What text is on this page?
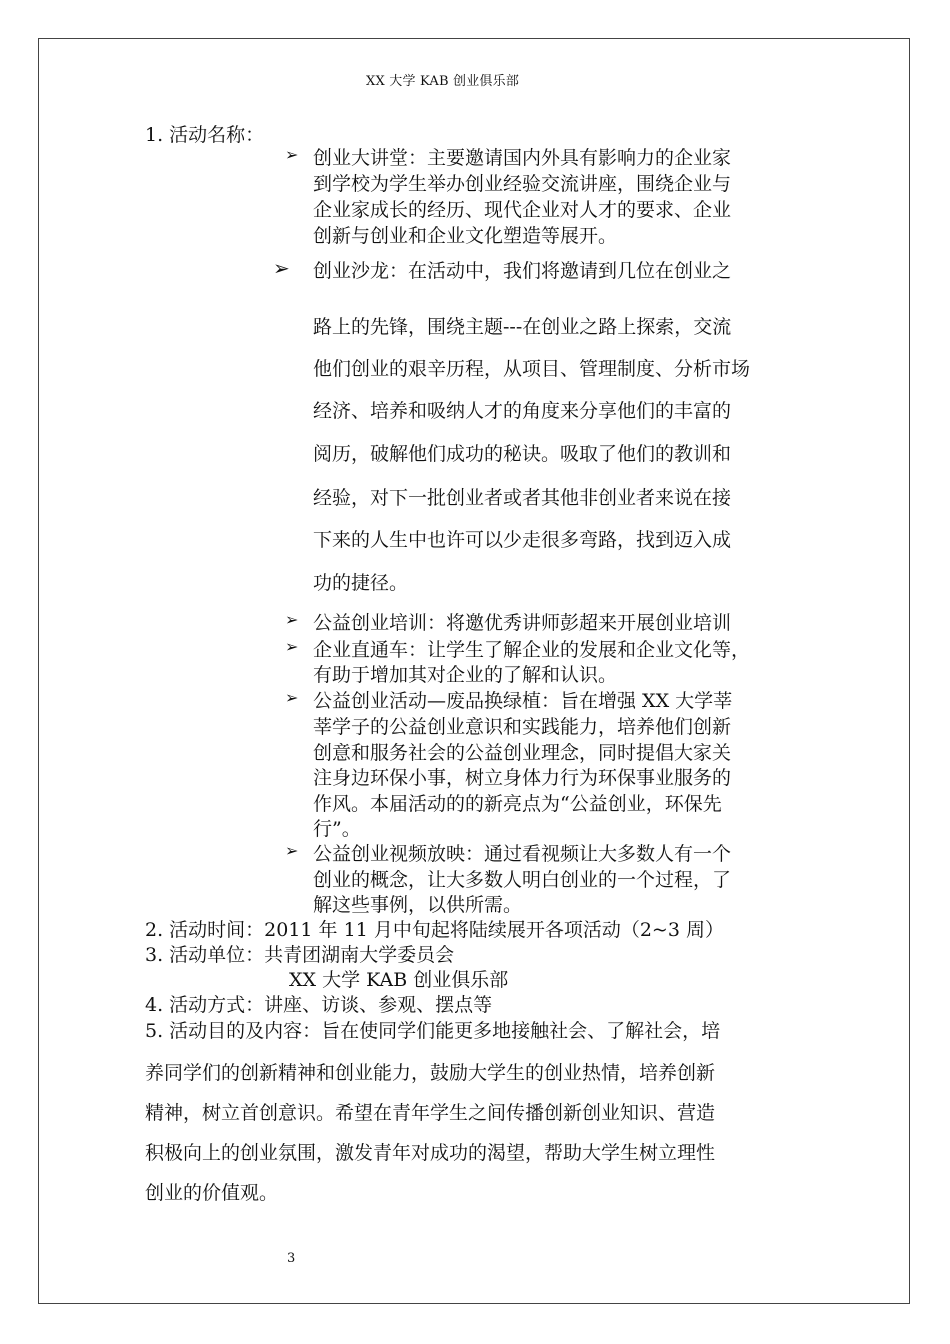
XX 大学 KAB 创业俱乐部
1. 活动名称：
➢ 创业大讲堂：主要邀请国内外具有影响力的企业家
到学校为学生举办创业经验交流讲座，围绕企业与
企业家成长的经历、现代企业对人才的要求、企业
创新与创业和企业文化塑造等展开。
➢ 创业沙龙：在活动中，我们将邀请到几位在创业之
路上的先锋，围绕主题---在创业之路上探索，交流
他们创业的艰辛历程，从项目、管理制度、分析市场
经济、培养和吸纳人才的角度来分享他们的丰富的
阅历，破解他们成功的秘诀。吸取了他们的教训和
经验，对下一批创业者或者其他非创业者来说在接
下来的人生中也许可以少走很多弯路，找到迈入成
功的捷径。
➢ 公益创业培训：将邀优秀讲师彭超来开展创业培训
➢ 企业直通车：让学生了解企业的发展和企业文化等，
有助于增加其对企业的了解和认识。
➢ 公益创业活动—废品换绿植：旨在增强 XX 大学莘
莘学子的公益创业意识和实践能力，培养他们创新
创意和服务社会的公益创业理念，同时提倡大家关
注身边环保小事，树立身体力行为环保事业服务的
作风。本届活动的的新亮点为“公益创业，环保先
行”。
➢ 公益创业视频放映：通过看视频让大多数人有一个
创业的概念，让大多数人明白创业的一个过程，了
解这些事例，以供所需。
2. 活动时间：2011 年 11 月中旬起将陆续展开各项活动（2~3 周）
3. 活动单位：共青团湖南大学委员会
XX 大学 KAB 创业俱乐部
4. 活动方式：讲座、访谈、参观、摆点等
5. 活动目的及内容：旨在使同学们能更多地接触社会、了解社会，培
养同学们的创新精神和创业能力，鼓励大学生的创业热情，培养创新
精神，树立首创意识。希望在青年学生之间传播创新创业知识、营造
积极向上的创业氛围，激发青年对成功的渴望，帮助大学生树立理性
创业的价值观。
3
